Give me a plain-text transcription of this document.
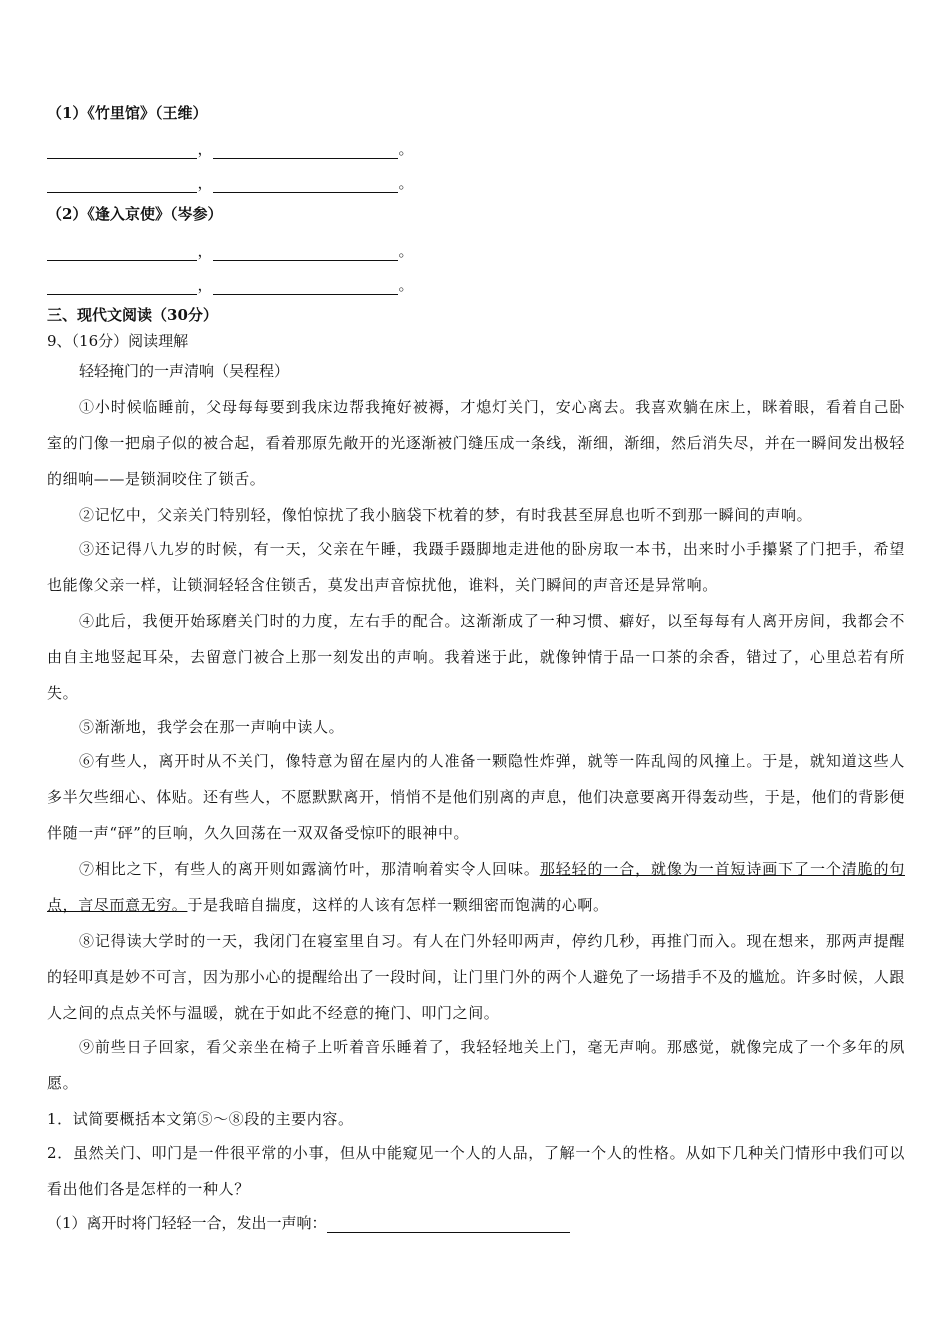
（1）《竹里馆》（王维）
，	。
，	。
（2）《逢入京使》（岑参）
，	。
，	。
三、现代文阅读（30分）
9、（16分）阅读理解
轻轻掩门的一声清响（吴程程）
①小时候临睡前，父母每每要到我床边帮我掩好被褥，才熄灯关门，安心离去。我喜欢躺在床上，眯着眼，看着自己卧室的门像一把扇子似的被合起，看着那原先敞开的光逐渐被门缝压成一条线，渐细，渐细，然后消失尽，并在一瞬间发出极轻的细响——是锁洞咬住了锁舌。
②记忆中，父亲关门特别轻，像怕惊扰了我小脑袋下枕着的梦，有时我甚至屏息也听不到那一瞬间的声响。
③还记得八九岁的时候，有一天，父亲在午睡，我蹑手蹑脚地走进他的卧房取一本书，出来时小手攥紧了门把手，希望也能像父亲一样，让锁洞轻轻含住锁舌，莫发出声音惊扰他，谁料，关门瞬间的声音还是异常响。
④此后，我便开始琢磨关门时的力度，左右手的配合。这渐渐成了一种习惯、癖好，以至每每有人离开房间，我都会不由自主地竖起耳朵，去留意门被合上那一刻发出的声响。我着迷于此，就像钟情于品一口茶的余香，错过了，心里总若有所失。
⑤渐渐地，我学会在那一声响中读人。
⑥有些人，离开时从不关门，像特意为留在屋内的人准备一颗隐性炸弹，就等一阵乱闯的风撞上。于是，就知道这些人多半欠些细心、体贴。还有些人，不愿默默离开，悄悄不是他们别离的声息，他们决意要离开得轰动些，于是，他们的背影便伴随一声“砰”的巨响，久久回荡在一双双备受惊吓的眼神中。
⑦相比之下，有些人的离开则如露滴竹叶，那清响着实令人回味。那轻轻的一合，就像为一首短诗画下了一个清脆的句点，言尽而意无穷。于是我暗自揣度，这样的人该有怎样一颗细密而饱满的心啊。
⑧记得读大学时的一天，我闭门在寝室里自习。有人在门外轻叩两声，停约几秒，再推门而入。现在想来，那两声提醒的轻叩真是妙不可言，因为那小心的提醒给出了一段时间，让门里门外的两个人避免了一场措手不及的尴尬。许多时候，人跟人之间的点点关怀与温暖，就在于如此不经意的掩门、叩门之间。
⑨前些日子回家，看父亲坐在椅子上听着音乐睡着了，我轻轻地关上门，毫无声响。那感觉，就像完成了一个多年的夙愿。
1．试简要概括本文第⑤～⑧段的主要内容。
2．虽然关门、叩门是一件很平常的小事，但从中能窥见一个人的人品，了解一个人的性格。从如下几种关门情形中我们可以看出他们各是怎样的一种人？
（1）离开时将门轻轻一合，发出一声响：
